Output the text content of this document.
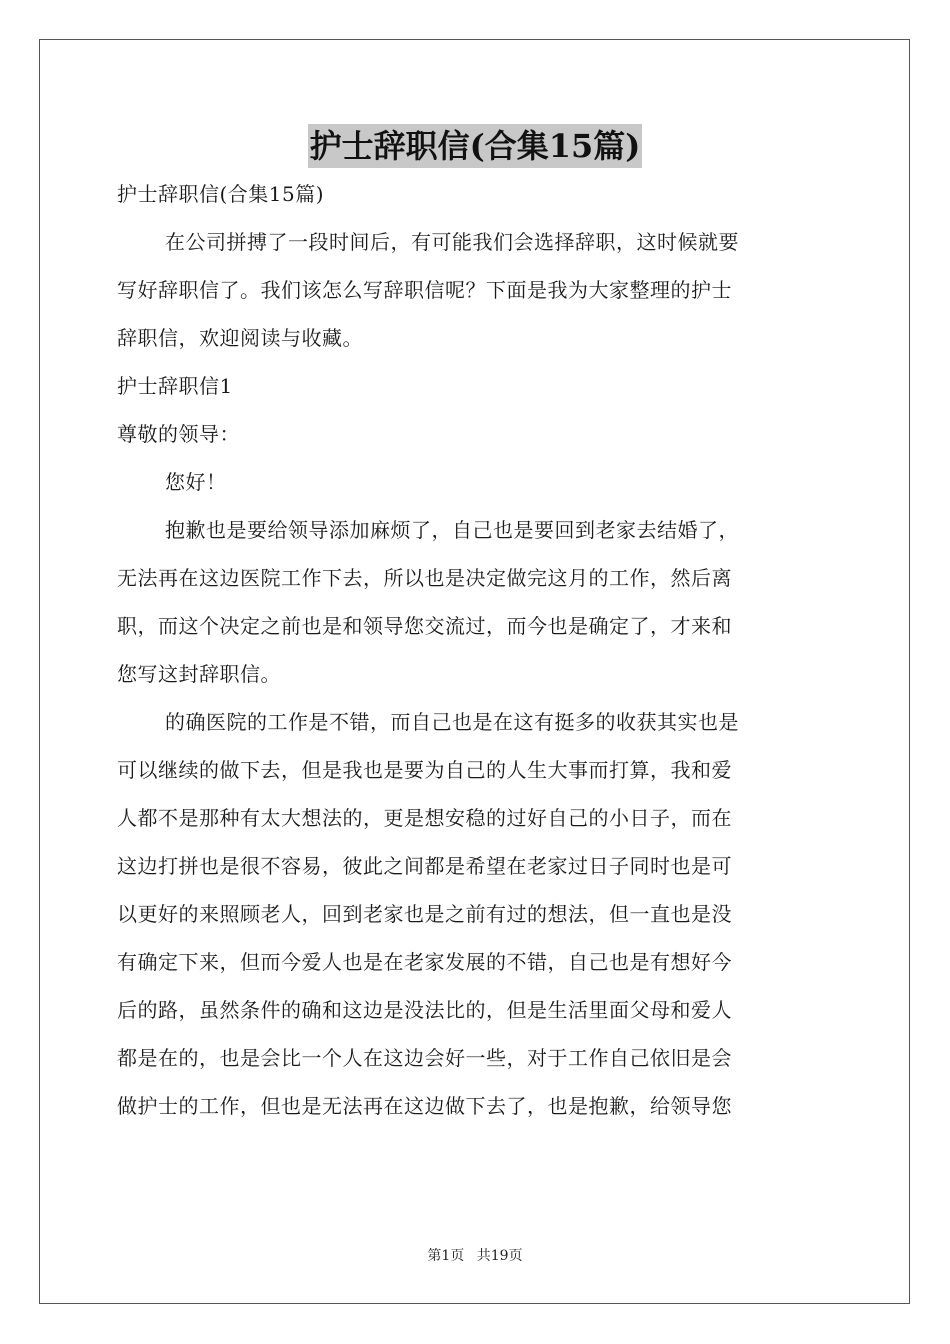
护士辞职信(合集15篇)

护士辞职信(合集15篇)

在公司拼搏了一段时间后，有可能我们会选择辞职，这时候就要

写好辞职信了。我们该怎么写辞职信呢？下面是我为大家整理的护士

辞职信，欢迎阅读与收藏。

护士辞职信1

尊敬的领导：

您好！

抱歉也是要给领导添加麻烦了，自己也是要回到老家去结婚了，

无法再在这边医院工作下去，所以也是决定做完这月的工作，然后离

职，而这个决定之前也是和领导您交流过，而今也是确定了，才来和

您写这封辞职信。

的确医院的工作是不错，而自己也是在这有挺多的收获其实也是

可以继续的做下去，但是我也是要为自己的人生大事而打算，我和爱

人都不是那种有太大想法的，更是想安稳的过好自己的小日子，而在

这边打拼也是很不容易，彼此之间都是希望在老家过日子同时也是可

以更好的来照顾老人，回到老家也是之前有过的想法，但一直也是没

有确定下来，但而今爱人也是在老家发展的不错，自己也是有想好今

后的路，虽然条件的确和这边是没法比的，但是生活里面父母和爱人

都是在的，也是会比一个人在这边会好一些，对于工作自己依旧是会

做护士的工作，但也是无法再在这边做下去了，也是抱歉，给领导您

第1页 共19页
